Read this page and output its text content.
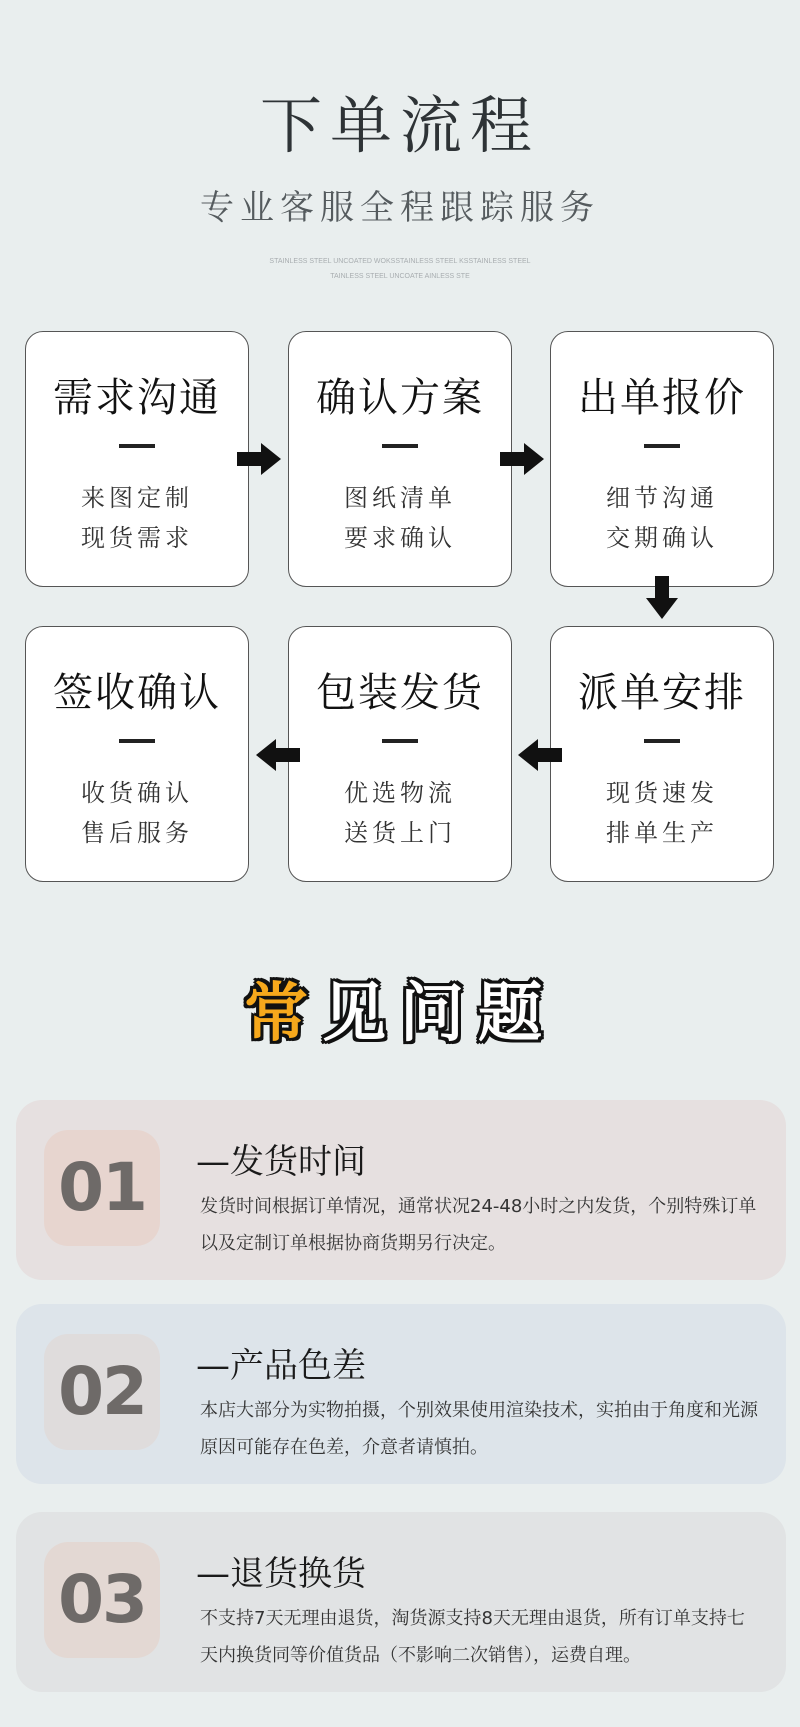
下单流程
专业客服全程跟踪服务
STAINLESS STEEL UNCOATED WOKSSTAINLESS STEEL KSSTAINLESS STEEL
TAINLESS STEEL UNCOATE AINLESS STE
需求沟通
来图定制
现货需求
确认方案
图纸清单
要求确认
出单报价
细节沟通
交期确认
派单安排
现货速发
排单生产
包装发货
优选物流
送货上门
签收确认
收货确认
售后服务
常见问题
01	—发货时间
发货时间根据订单情况，通常状况24-48小时之内发货，个别特殊订单以及定制订单根据协商货期另行决定。
02	—产品色差
本店大部分为实物拍摄，个别效果使用渲染技术，实拍由于角度和光源原因可能存在色差，介意者请慎拍。
03	—退货换货
不支持7天无理由退货，淘货源支持8天无理由退货，所有订单支持七天内换货同等价值货品（不影响二次销售），运费自理。
